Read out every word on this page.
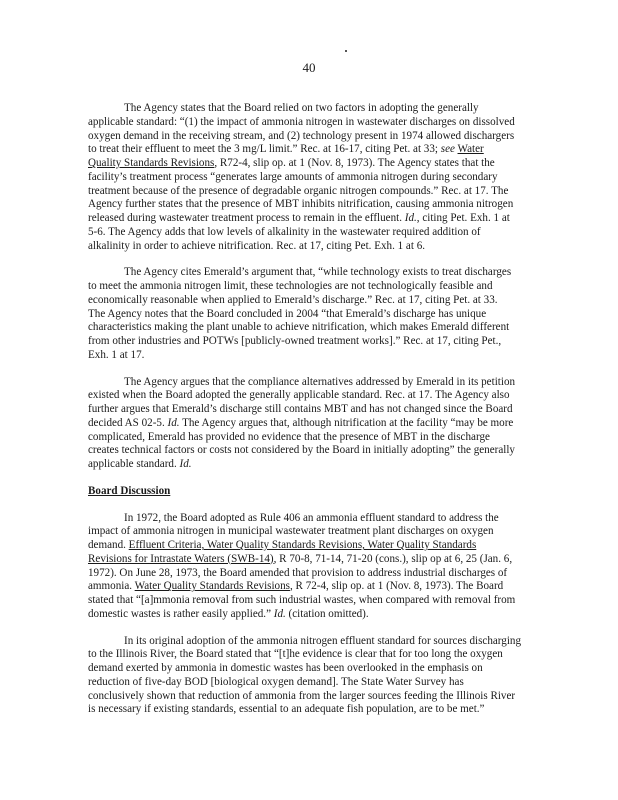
40
The Agency states that the Board relied on two factors in adopting the generally
applicable standard: “(1) the impact of ammonia nitrogen in wastewater discharges on dissolved
oxygen demand in the receiving stream, and (2) technology present in 1974 allowed dischargers
to treat their effluent to meet the 3 mg/L limit.” Rec. at 16-17, citing Pet. at 33; see Water
Quality Standards Revisions, R72-4, slip op. at 1 (Nov. 8, 1973). The Agency states that the
facility’s treatment process “generates large amounts of ammonia nitrogen during secondary
treatment because of the presence of degradable organic nitrogen compounds.” Rec. at 17. The
Agency further states that the presence of MBT inhibits nitrification, causing ammonia nitrogen
released during wastewater treatment process to remain in the effluent. Id., citing Pet. Exh. 1 at
5-6. The Agency adds that low levels of alkalinity in the wastewater required addition of
alkalinity in order to achieve nitrification. Rec. at 17, citing Pet. Exh. 1 at 6.
The Agency cites Emerald’s argument that, “while technology exists to treat discharges
to meet the ammonia nitrogen limit, these technologies are not technologically feasible and
economically reasonable when applied to Emerald’s discharge.” Rec. at 17, citing Pet. at 33.
The Agency notes that the Board concluded in 2004 “that Emerald’s discharge has unique
characteristics making the plant unable to achieve nitrification, which makes Emerald different
from other industries and POTWs [publicly-owned treatment works].” Rec. at 17, citing Pet.,
Exh. 1 at 17.
The Agency argues that the compliance alternatives addressed by Emerald in its petition
existed when the Board adopted the generally applicable standard. Rec. at 17. The Agency also
further argues that Emerald’s discharge still contains MBT and has not changed since the Board
decided AS 02-5. Id. The Agency argues that, although nitrification at the facility “may be more
complicated, Emerald has provided no evidence that the presence of MBT in the discharge
creates technical factors or costs not considered by the Board in initially adopting” the generally
applicable standard. Id.
Board Discussion
In 1972, the Board adopted as Rule 406 an ammonia effluent standard to address the
impact of ammonia nitrogen in municipal wastewater treatment plant discharges on oxygen
demand. Effluent Criteria, Water Quality Standards Revisions, Water Quality Standards
Revisions for Intrastate Waters (SWB-14), R 70-8, 71-14, 71-20 (cons.), slip op at 6, 25 (Jan. 6,
1972). On June 28, 1973, the Board amended that provision to address industrial discharges of
ammonia. Water Quality Standards Revisions, R 72-4, slip op. at 1 (Nov. 8, 1973). The Board
stated that “[a]mmonia removal from such industrial wastes, when compared with removal from
domestic wastes is rather easily applied.” Id. (citation omitted).
In its original adoption of the ammonia nitrogen effluent standard for sources discharging
to the Illinois River, the Board stated that “[t]he evidence is clear that for too long the oxygen
demand exerted by ammonia in domestic wastes has been overlooked in the emphasis on
reduction of five-day BOD [biological oxygen demand]. The State Water Survey has
conclusively shown that reduction of ammonia from the larger sources feeding the Illinois River
is necessary if existing standards, essential to an adequate fish population, are to be met.”
